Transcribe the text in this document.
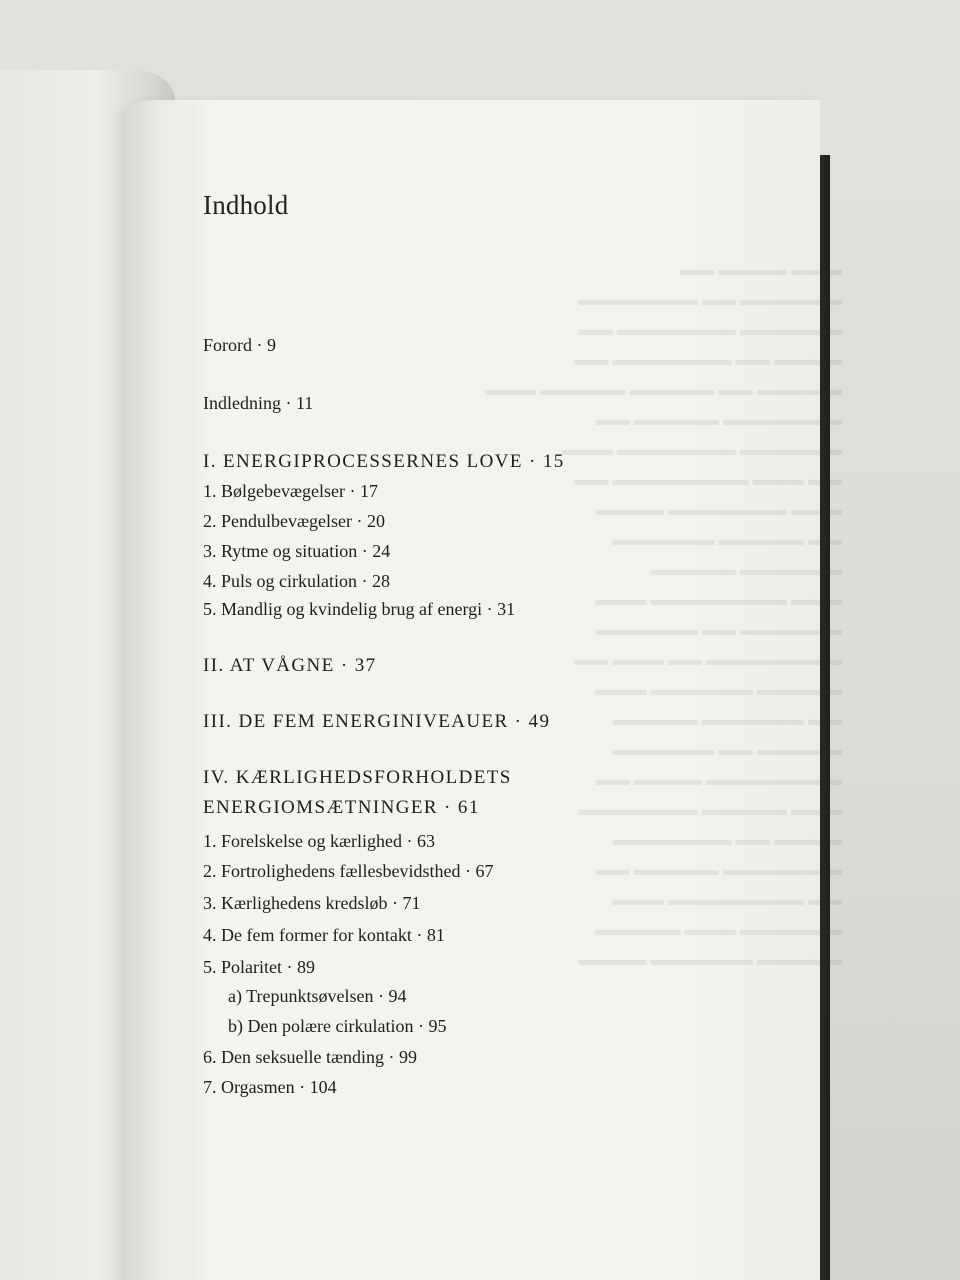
▬▬▬ ▬▬▬▬ ▬▬
▬▬▬▬▬▬ ▬▬ ▬▬▬▬▬▬▬
▬▬▬▬▬▬ ▬▬▬▬▬▬▬ ▬▬
▬▬▬▬ ▬▬ ▬▬▬▬▬▬▬ ▬▬
▬▬▬▬▬ ▬▬ ▬▬▬▬▬ ▬▬▬▬▬ ▬▬▬
▬▬▬▬▬▬▬ ▬▬▬▬▬ ▬▬
▬▬▬▬▬▬ ▬▬▬▬▬▬▬ ▬▬▬
▬▬ ▬▬▬ ▬▬▬▬▬▬▬▬ ▬▬
▬▬▬ ▬▬▬▬▬▬▬ ▬▬▬▬
▬▬ ▬▬▬▬▬ ▬▬▬▬▬▬
▬▬▬▬▬▬ ▬▬▬▬▬
▬▬▬ ▬▬▬▬▬▬▬▬ ▬▬▬
▬▬▬▬▬▬ ▬▬ ▬▬▬▬▬▬
▬▬▬▬▬▬▬▬ ▬▬ ▬▬▬ ▬▬
▬▬▬▬▬ ▬▬▬▬▬▬ ▬▬▬
▬▬ ▬▬▬▬▬▬ ▬▬▬▬▬
▬▬▬▬▬ ▬▬ ▬▬▬▬▬▬
▬▬▬▬▬▬▬▬ ▬▬▬▬ ▬▬
▬▬▬ ▬▬▬▬▬ ▬▬▬▬▬▬▬
▬▬▬▬ ▬▬ ▬▬▬▬▬▬▬
▬▬▬▬▬▬▬ ▬▬▬▬▬ ▬▬
▬▬ ▬▬▬▬▬▬▬▬ ▬▬▬
▬▬▬▬▬▬ ▬▬▬ ▬▬▬▬▬
▬▬▬▬▬ ▬▬▬▬▬▬ ▬▬▬▬
Indhold
Forord · 9
Indledning · 11
I. ENERGIPROCESSERNES LOVE · 15
1. Bølgebevægelser · 17
2. Pendulbevægelser · 20
3. Rytme og situation · 24
4. Puls og cirkulation · 28
5. Mandlig og kvindelig brug af energi · 31
II. AT VÅGNE · 37
III. DE FEM ENERGINIVEAUER · 49
IV. KÆRLIGHEDSFORHOLDETS
ENERGIOMSÆTNINGER · 61
1. Forelskelse og kærlighed · 63
2. Fortrolighedens fællesbevidsthed · 67
3. Kærlighedens kredsløb · 71
4. De fem former for kontakt · 81
5. Polaritet · 89
a) Trepunktsøvelsen · 94
b) Den polære cirkulation · 95
6. Den seksuelle tænding · 99
7. Orgasmen · 104
